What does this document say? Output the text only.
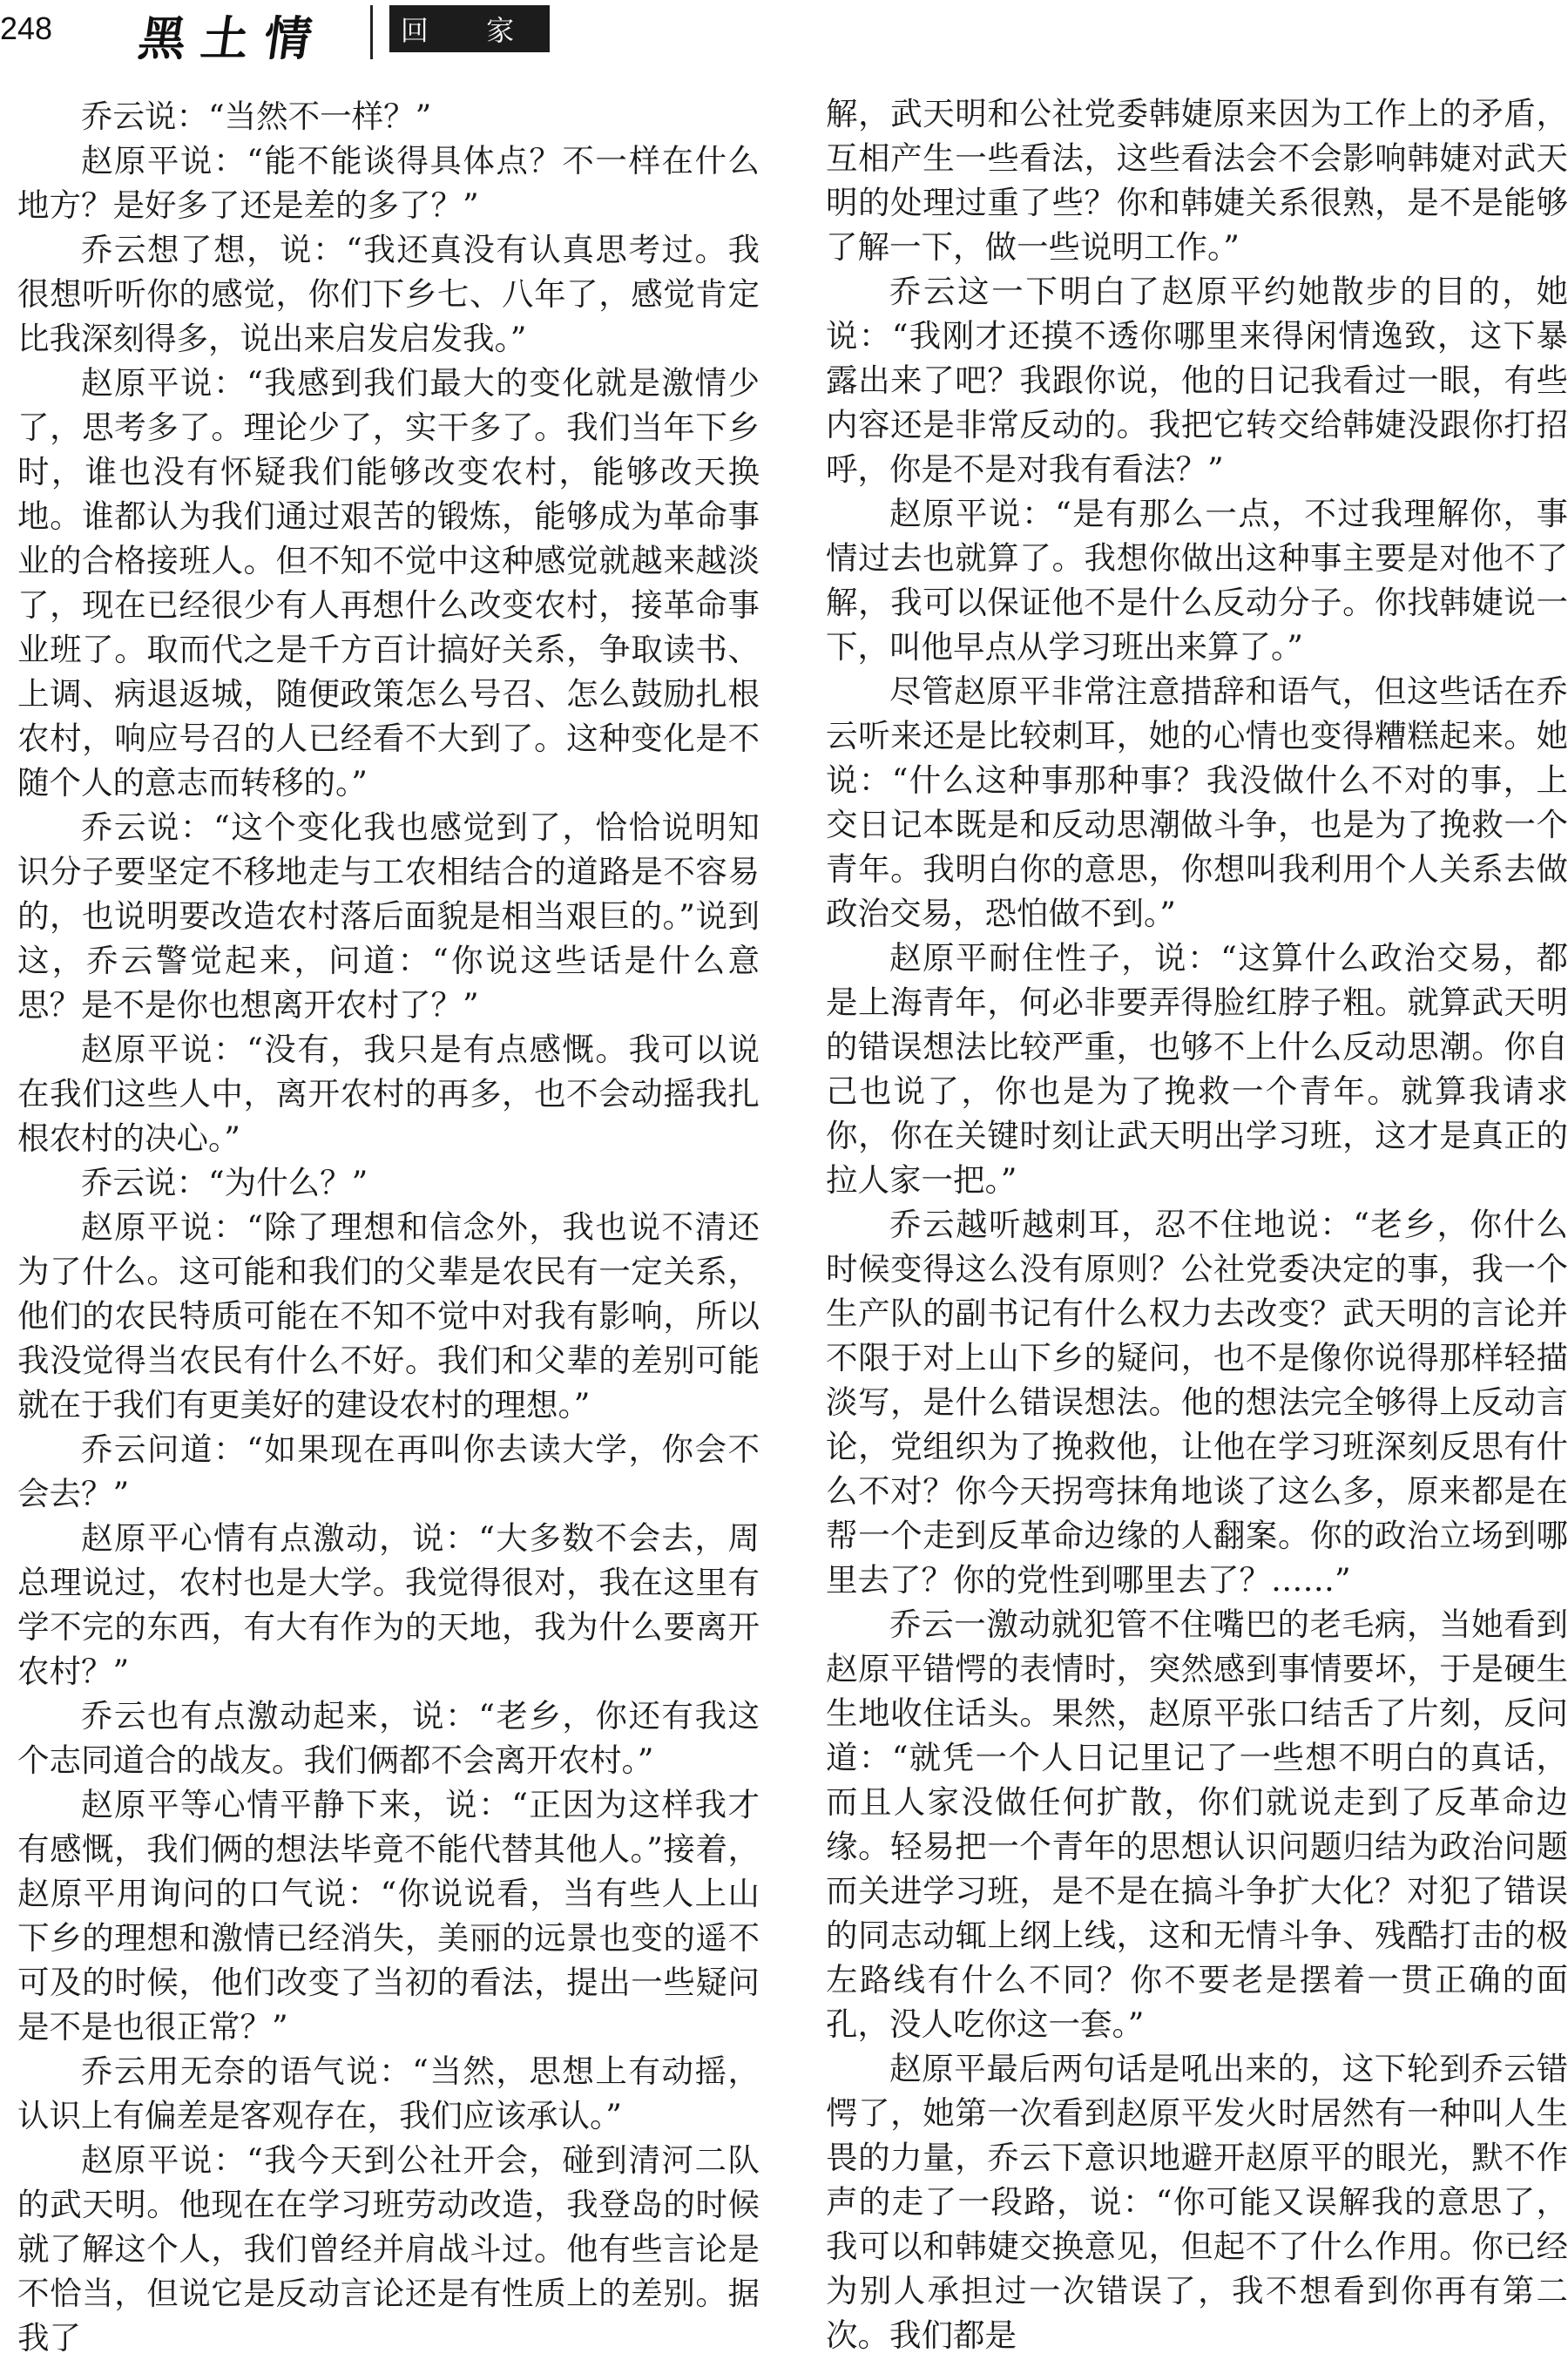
248 黑土情	回 家

乔云说：“当然不一样？”

赵原平说：“能不能谈得具体点？不一样在什么地方？是好多了还是差的多了？”

乔云想了想，说：“我还真没有认真思考过。我很想听听你的感觉，你们下乡七、八年了，感觉肯定比我深刻得多，说出来启发启发我。”

赵原平说：“我感到我们最大的变化就是激情少了，思考多了。理论少了，实干多了。我们当年下乡时，谁也没有怀疑我们能够改变农村，能够改天换地。谁都认为我们通过艰苦的锻炼，能够成为革命事业的合格接班人。但不知不觉中这种感觉就越来越淡了，现在已经很少有人再想什么改变农村，接革命事业班了。取而代之是千方百计搞好关系，争取读书、上调、病退返城，随便政策怎么号召、怎么鼓励扎根农村，响应号召的人已经看不大到了。这种变化是不随个人的意志而转移的。”

乔云说：“这个变化我也感觉到了，恰恰说明知识分子要坚定不移地走与工农相结合的道路是不容易的，也说明要改造农村落后面貌是相当艰巨的。”说到这，乔云警觉起来，问道：“你说这些话是什么意思？是不是你也想离开农村了？”

赵原平说：“没有，我只是有点感慨。我可以说在我们这些人中，离开农村的再多，也不会动摇我扎根农村的决心。”

乔云说：“为什么？”

赵原平说：“除了理想和信念外，我也说不清还为了什么。这可能和我们的父辈是农民有一定关系，他们的农民特质可能在不知不觉中对我有影响，所以我没觉得当农民有什么不好。我们和父辈的差别可能就在于我们有更美好的建设农村的理想。”

乔云问道：“如果现在再叫你去读大学，你会不会去？”

赵原平心情有点激动，说：“大多数不会去，周总理说过，农村也是大学。我觉得很对，我在这里有学不完的东西，有大有作为的天地，我为什么要离开农村？”

乔云也有点激动起来，说：“老乡，你还有我这个志同道合的战友。我们俩都不会离开农村。”

赵原平等心情平静下来，说：“正因为这样我才有感慨，我们俩的想法毕竟不能代替其他人。”接着，赵原平用询问的口气说：“你说说看，当有些人上山下乡的理想和激情已经消失，美丽的远景也变的遥不可及的时候，他们改变了当初的看法，提出一些疑问是不是也很正常？”

乔云用无奈的语气说：“当然，思想上有动摇，认识上有偏差是客观存在，我们应该承认。”

赵原平说：“我今天到公社开会，碰到清河二队的武天明。他现在在学习班劳动改造，我登岛的时候就了解这个人，我们曾经并肩战斗过。他有些言论是不恰当，但说它是反动言论还是有性质上的差别。据我了

解，武天明和公社党委韩婕原来因为工作上的矛盾，互相产生一些看法，这些看法会不会影响韩婕对武天明的处理过重了些？你和韩婕关系很熟，是不是能够了解一下，做一些说明工作。”

乔云这一下明白了赵原平约她散步的目的，她说：“我刚才还摸不透你哪里来得闲情逸致，这下暴露出来了吧？我跟你说，他的日记我看过一眼，有些内容还是非常反动的。我把它转交给韩婕没跟你打招呼，你是不是对我有看法？”

赵原平说：“是有那么一点，不过我理解你，事情过去也就算了。我想你做出这种事主要是对他不了解，我可以保证他不是什么反动分子。你找韩婕说一下，叫他早点从学习班出来算了。”

尽管赵原平非常注意措辞和语气，但这些话在乔云听来还是比较刺耳，她的心情也变得糟糕起来。她说：“什么这种事那种事？我没做什么不对的事，上交日记本既是和反动思潮做斗争，也是为了挽救一个青年。我明白你的意思，你想叫我利用个人关系去做政治交易，恐怕做不到。”

赵原平耐住性子，说：“这算什么政治交易，都是上海青年，何必非要弄得脸红脖子粗。就算武天明的错误想法比较严重，也够不上什么反动思潮。你自己也说了，你也是为了挽救一个青年。就算我请求你，你在关键时刻让武天明出学习班，这才是真正的拉人家一把。”

乔云越听越刺耳，忍不住地说：“老乡，你什么时候变得这么没有原则？公社党委决定的事，我一个生产队的副书记有什么权力去改变？武天明的言论并不限于对上山下乡的疑问，也不是像你说得那样轻描淡写，是什么错误想法。他的想法完全够得上反动言论，党组织为了挽救他，让他在学习班深刻反思有什么不对？你今天拐弯抹角地谈了这么多，原来都是在帮一个走到反革命边缘的人翻案。你的政治立场到哪里去了？你的党性到哪里去了？……”

乔云一激动就犯管不住嘴巴的老毛病，当她看到赵原平错愕的表情时，突然感到事情要坏，于是硬生生地收住话头。果然，赵原平张口结舌了片刻，反问道：“就凭一个人日记里记了一些想不明白的真话，而且人家没做任何扩散，你们就说走到了反革命边缘。轻易把一个青年的思想认识问题归结为政治问题而关进学习班，是不是在搞斗争扩大化？对犯了错误的同志动辄上纲上线，这和无情斗争、残酷打击的极左路线有什么不同？你不要老是摆着一贯正确的面孔，没人吃你这一套。”

赵原平最后两句话是吼出来的，这下轮到乔云错愕了，她第一次看到赵原平发火时居然有一种叫人生畏的力量，乔云下意识地避开赵原平的眼光，默不作声的走了一段路，说：“你可能又误解我的意思了，我可以和韩婕交换意见，但起不了什么作用。你已经为别人承担过一次错误了，我不想看到你再有第二次。我们都是
